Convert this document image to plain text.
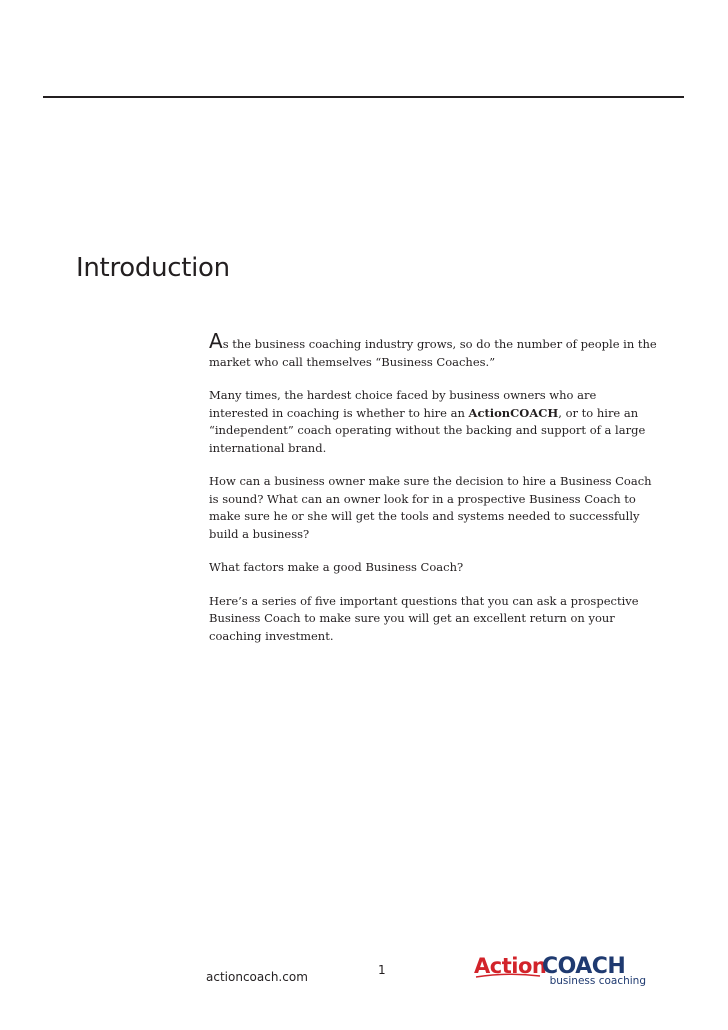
Introduction

As the business coaching industry grows, so do the number of people in the market who call themselves “Business Coaches.”

Many times, the hardest choice faced by business owners who are interested in coaching is whether to hire an ActionCOACH, or to hire an “independent” coach operating without the backing and support of a large international brand.

How can a business owner make sure the decision to hire a Business Coach is sound? What can an owner look for in a prospective Business Coach to make sure he or she will get the tools and systems needed to successfully build a business?

What factors make a good Business Coach?

Here’s a series of five important questions that you can ask a prospective Business Coach to make sure you will get an excellent return on your coaching investment.

actioncoach.com	1	Action
COACH
business coaching
